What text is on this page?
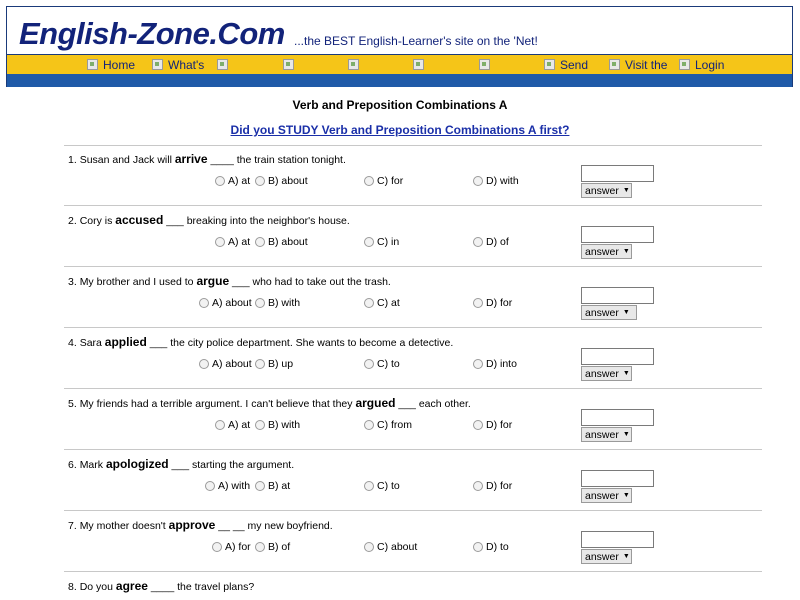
English-Zone.Com ...the BEST English-Learner's site on the 'Net!
Home	What's	Send	Visit the Login
Verb and Preposition Combinations A
Did you STUDY Verb and Preposition Combinations A first?
1. Susan and Jack will arrive ____ the train station tonight.
A) at B) about	C) for	D) with
answer ▼
2. Cory is accused ___ breaking into the neighbor's house.
A) at B) about	C) in	D) of
answer ▼
3. My brother and I used to argue ___ who had to take out the trash.
A) about B) with	C) at	D) for
answer ▼
4. Sara applied ___ the city police department. She wants to become a detective.
A) about B) up	C) to	D) into
answer ▼
5. My friends had a terrible argument. I can't believe that they argued ___ each other.
A) at B) with	C) from	D) for
answer ▼
6. Mark apologized ___ starting the argument.
A) with B) at	C) to	D) for
answer ▼
7. My mother doesn't approve __ __ my new boyfriend.
A) for B) of	C) about	D) to
answer ▼
8. Do you agree ____ the travel plans?
